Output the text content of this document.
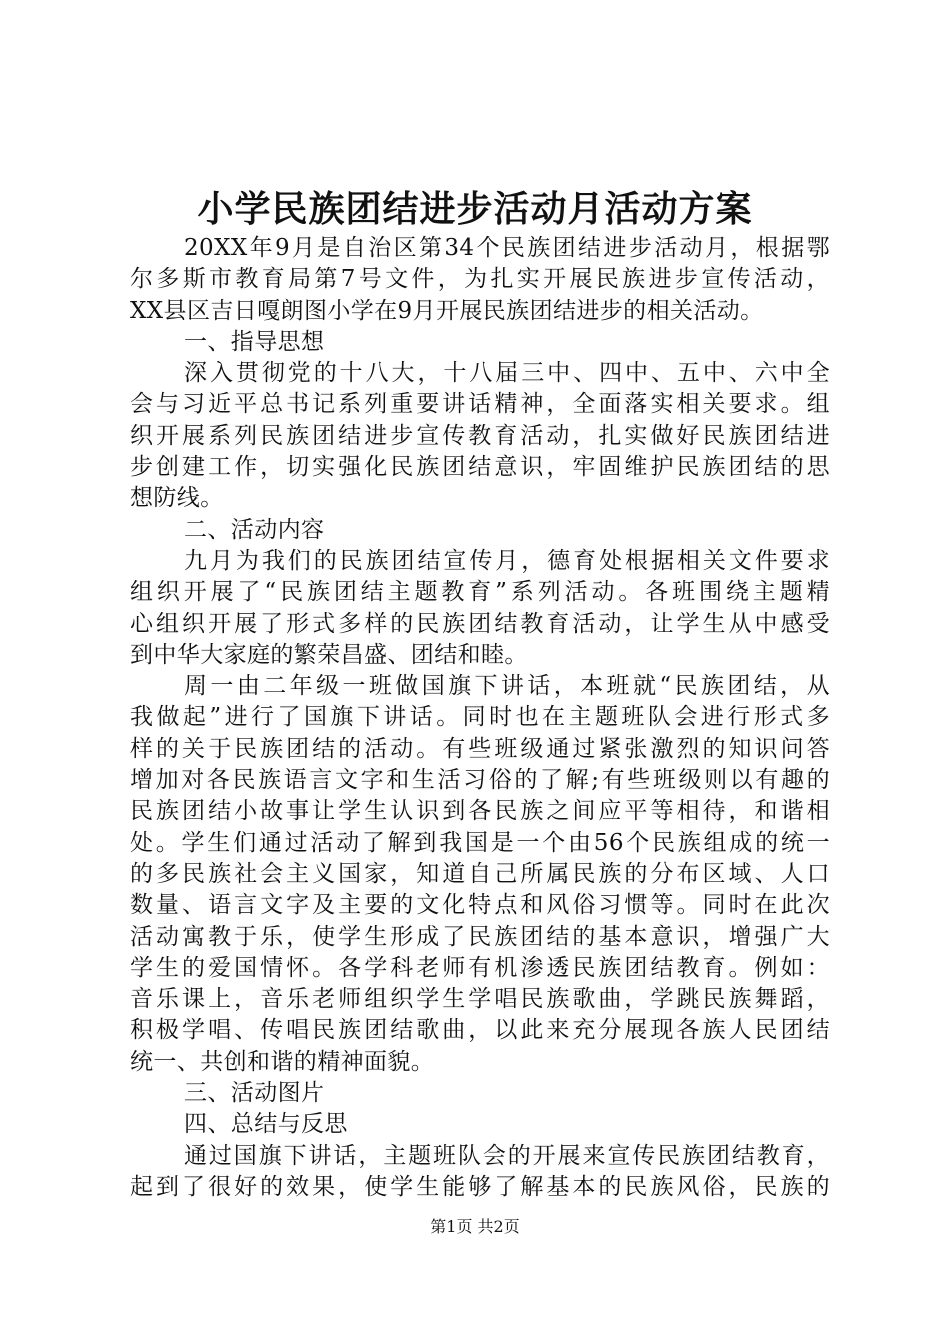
小学民族团结进步活动月活动方案
20XX年9月是自治区第34个民族团结进步活动月，根据鄂
尔多斯市教育局第7号文件，为扎实开展民族进步宣传活动，
XX县区吉日嘎朗图小学在9月开展民族团结进步的相关活动。
一、指导思想
深入贯彻党的十八大，十八届三中、四中、五中、六中全
会与习近平总书记系列重要讲话精神，全面落实相关要求。组
织开展系列民族团结进步宣传教育活动，扎实做好民族团结进
步创建工作，切实强化民族团结意识，牢固维护民族团结的思
想防线。
二、活动内容
九月为我们的民族团结宣传月，德育处根据相关文件要求
组织开展了“民族团结主题教育”系列活动。各班围绕主题精
心组织开展了形式多样的民族团结教育活动，让学生从中感受
到中华大家庭的繁荣昌盛、团结和睦。
周一由二年级一班做国旗下讲话，本班就“民族团结，从
我做起”进行了国旗下讲话。同时也在主题班队会进行形式多
样的关于民族团结的活动。有些班级通过紧张激烈的知识问答
增加对各民族语言文字和生活习俗的了解;有些班级则以有趣的
民族团结小故事让学生认识到各民族之间应平等相待，和谐相
处。学生们通过活动了解到我国是一个由56个民族组成的统一
的多民族社会主义国家，知道自己所属民族的分布区域、人口
数量、语言文字及主要的文化特点和风俗习惯等。同时在此次
活动寓教于乐，使学生形成了民族团结的基本意识，增强广大
学生的爱国情怀。各学科老师有机渗透民族团结教育。例如：
音乐课上，音乐老师组织学生学唱民族歌曲，学跳民族舞蹈，
积极学唱、传唱民族团结歌曲，以此来充分展现各族人民团结
统一、共创和谐的精神面貌。
三、活动图片
四、总结与反思
通过国旗下讲话，主题班队会的开展来宣传民族团结教育，
起到了很好的效果，使学生能够了解基本的民族风俗，民族的
第1页 共2页
